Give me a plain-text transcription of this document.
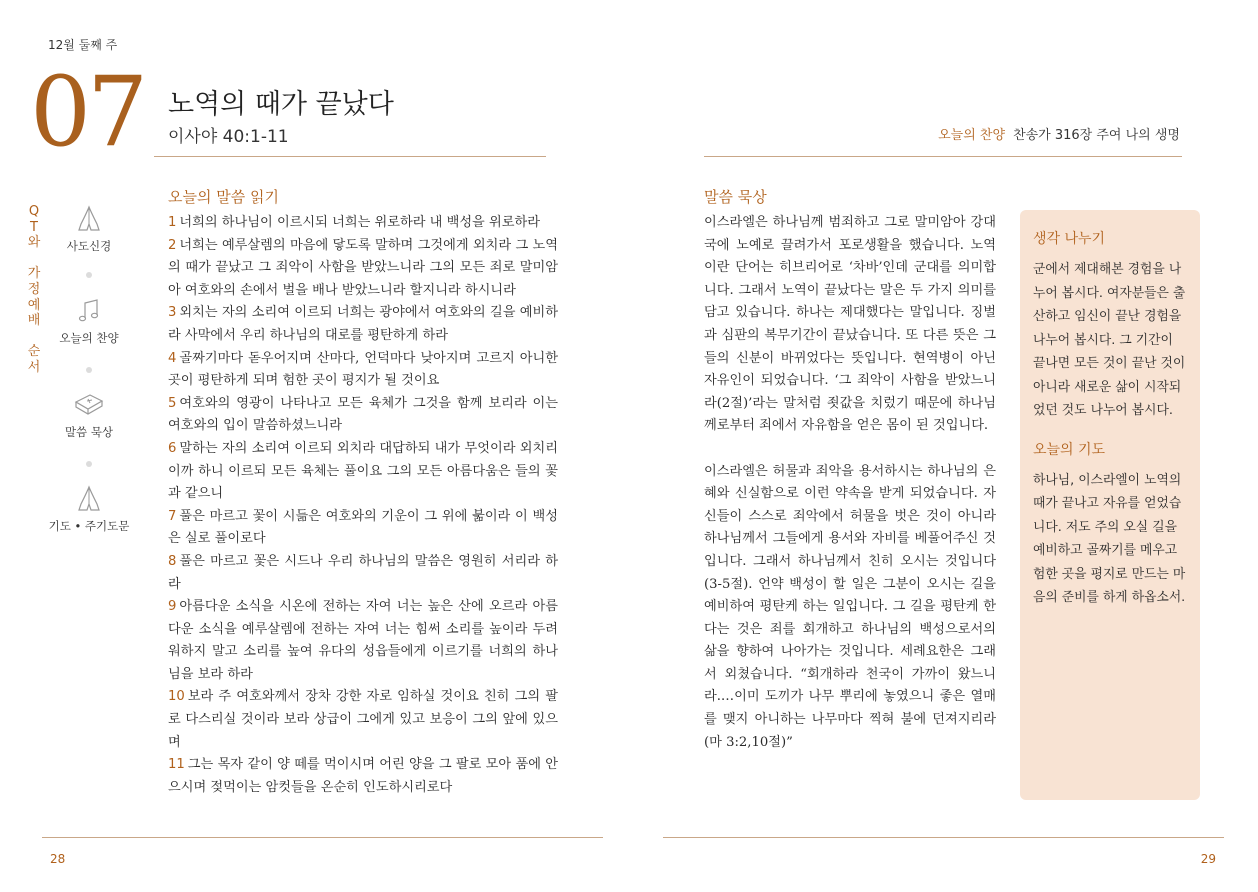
12월 둘째 주
07 노역의 때가 끝났다
이사야 40:1-11	오늘의 찬양 찬송가 316장 주여 나의 생명
Q
T
와

가
정
예
배

순
서
사도신경
오늘의 찬양
말씀 묵상
기도 • 주기도문
오늘의 말씀 읽기
1 너희의 하나님이 이르시되 너희는 위로하라 내 백성을 위로하라
2 너희는 예루살렘의 마음에 닿도록 말하며 그것에게 외치라 그 노역의 때가 끝났고 그 죄악이 사함을 받았느니라 그의 모든 죄로 말미암아 여호와의 손에서 벌을 배나 받았느니라 할지니라 하시니라
3 외치는 자의 소리여 이르되 너희는 광야에서 여호와의 길을 예비하라 사막에서 우리 하나님의 대로를 평탄하게 하라
4 골짜기마다 돋우어지며 산마다, 언덕마다 낮아지며 고르지 아니한 곳이 평탄하게 되며 험한 곳이 평지가 될 것이요
5 여호와의 영광이 나타나고 모든 육체가 그것을 함께 보리라 이는 여호와의 입이 말씀하셨느니라
6 말하는 자의 소리여 이르되 외치라 대답하되 내가 무엇이라 외치리이까 하니 이르되 모든 육체는 풀이요 그의 모든 아름다움은 들의 꽃과 같으니
7 풀은 마르고 꽃이 시듦은 여호와의 기운이 그 위에 붊이라 이 백성은 실로 풀이로다
8 풀은 마르고 꽃은 시드나 우리 하나님의 말씀은 영원히 서리라 하라
9 아름다운 소식을 시온에 전하는 자여 너는 높은 산에 오르라 아름다운 소식을 예루살렘에 전하는 자여 너는 힘써 소리를 높이라 두려워하지 말고 소리를 높여 유다의 성읍들에게 이르기를 너희의 하나님을 보라 하라
10 보라 주 여호와께서 장차 강한 자로 임하실 것이요 친히 그의 팔로 다스리실 것이라 보라 상급이 그에게 있고 보응이 그의 앞에 있으며
11 그는 목자 같이 양 떼를 먹이시며 어린 양을 그 팔로 모아 품에 안으시며 젖먹이는 암컷들을 온순히 인도하시리로다
말씀 묵상

이스라엘은 하나님께 범죄하고 그로 말미암아 강대국에 노예로 끌려가서 포로생활을 했습니다. 노역이란 단어는 히브리어로 ‘차바’인데 군대를 의미합니다. 그래서 노역이 끝났다는 말은 두 가지 의미를 담고 있습니다. 하나는 제대했다는 말입니다. 징벌과 심판의 복무기간이 끝났습니다. 또 다른 뜻은 그들의 신분이 바뀌었다는 뜻입니다. 현역병이 아닌 자유인이 되었습니다. ‘그 죄악이 사함을 받았느니라(2절)’라는 말처럼 죗값을 치렀기 때문에 하나님께로부터 죄에서 자유함을 얻은 몸이 된 것입니다.

이스라엘은 허물과 죄악을 용서하시는 하나님의 은혜와 신실함으로 이런 약속을 받게 되었습니다. 자신들이 스스로 죄악에서 허물을 벗은 것이 아니라 하나님께서 그들에게 용서와 자비를 베풀어주신 것입니다. 그래서 하나님께서 친히 오시는 것입니다(3-5절). 언약 백성이 할 일은 그분이 오시는 길을 예비하여 평탄케 하는 일입니다. 그 길을 평탄케 한다는 것은 죄를 회개하고 하나님의 백성으로서의 삶을 향하여 나아가는 것입니다. 세례요한은 그래서 외쳤습니다. “회개하라 천국이 가까이 왔느니라.…이미 도끼가 나무 뿌리에 놓였으니 좋은 열매를 맺지 아니하는 나무마다 찍혀 불에 던져지리라(마 3:2,10절)”

생각 나누기
군에서 제대해본 경험을 나누어 봅시다. 여자분들은 출산하고 임신이 끝난 경험을 나누어 봅시다. 그 기간이 끝나면 모든 것이 끝난 것이 아니라 새로운 삶이 시작되었던 것도 나누어 봅시다.
오늘의 기도
하나님, 이스라엘이 노역의 때가 끝나고 자유를 얻었습니다. 저도 주의 오실 길을 예비하고 골짜기를 메우고 험한 곳을 평지로 만드는 마음의 준비를 하게 하옵소서.
28	29
